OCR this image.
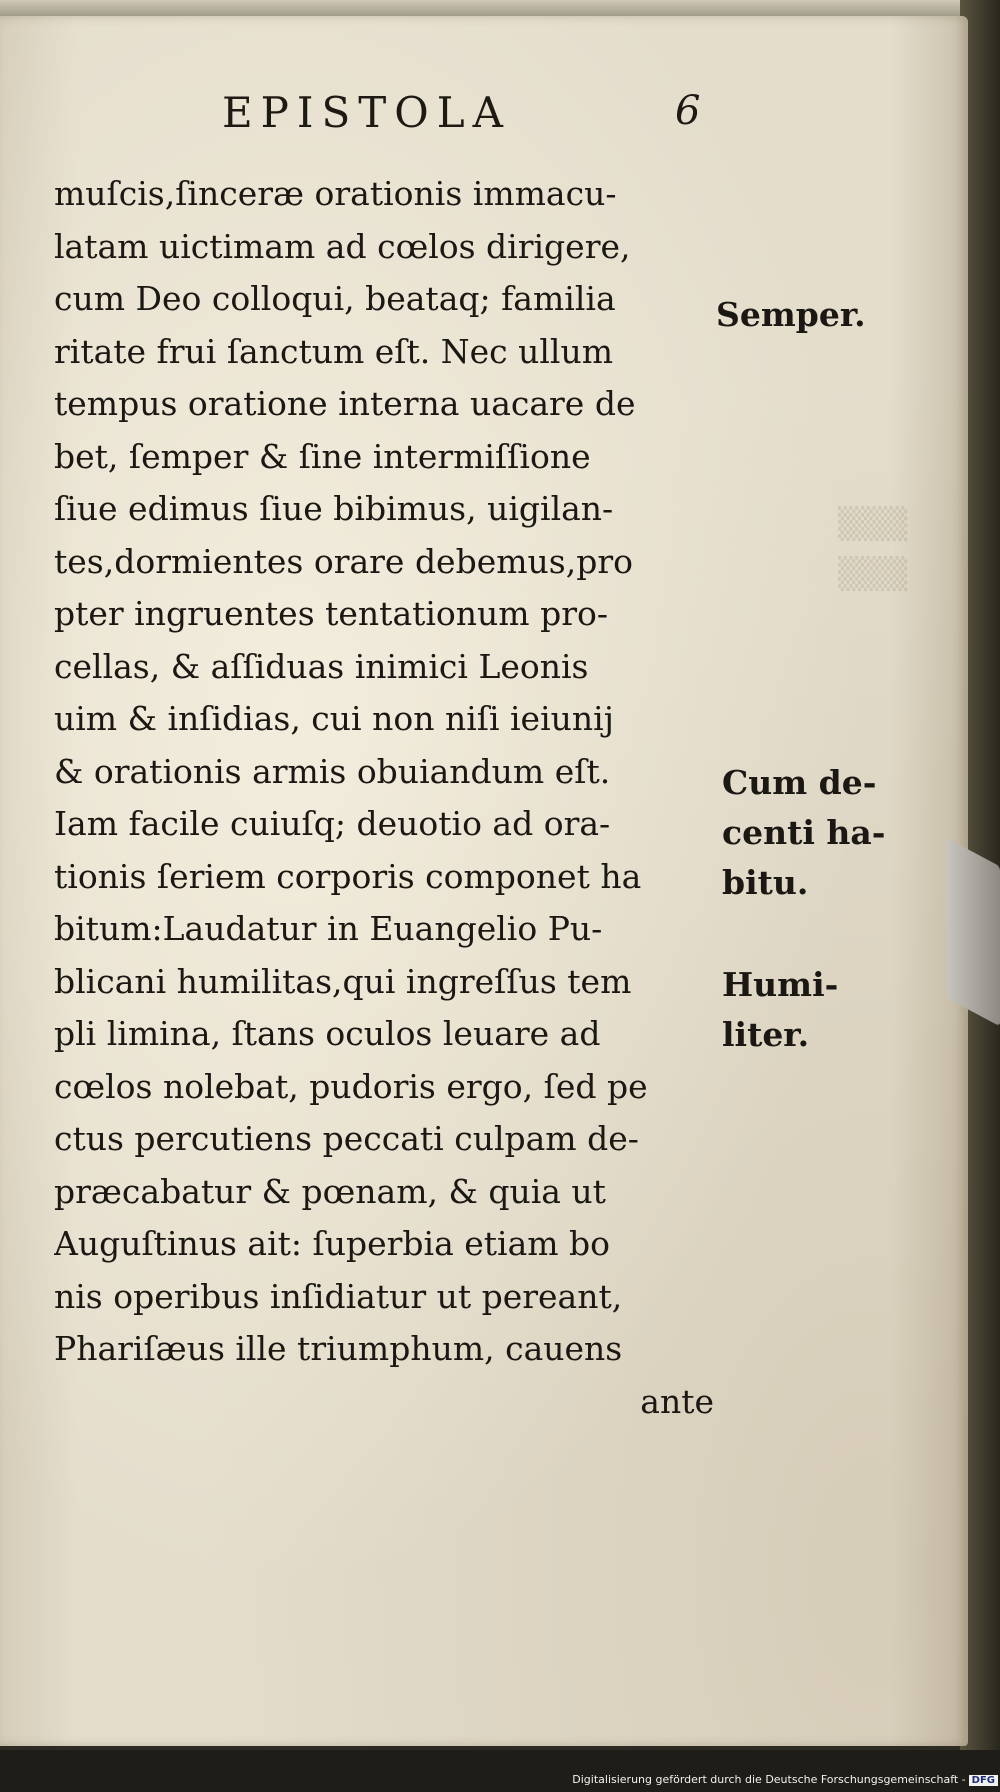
▒▒▒
▒▒▒
EPISTOLA	6
muſcis,ſinceræ orationis immacu-
latam uictimam ad cœlos dirigere,
cum Deo colloqui, beataq; familia
ritate frui ſanctum eſt. Nec ullum
tempus oratione interna uacare de
bet, ſemper & ſine intermiſſione
ſiue edimus ſiue bibimus, uigilan-
tes,dormientes orare debemus,pro
pter ingruentes tentationum pro-
cellas, & aſſiduas inimici Leonis
uim & inſidias, cui non niſi ieiunij
& orationis armis obuiandum eſt.
Iam facile cuiuſq; deuotio ad ora-
tionis ſeriem corporis componet ha
bitum:Laudatur in Euangelio Pu-
blicani humilitas,qui ingreſſus tem
pli limina, ſtans oculos leuare ad
cœlos nolebat, pudoris ergo, ſed pe
ctus percutiens peccati culpam de-
præcabatur & pœnam, & quia ut
Auguſtinus ait: ſuperbia etiam bo
nis operibus inſidiatur ut pereant,
Phariſæus ille triumphum, cauens
ante
Semper.
Cum de-
centi ha-
bitu.
Humi-
liter.
Digitalisierung gefördert durch die Deutsche Forschungsgemeinschaft - DFG
